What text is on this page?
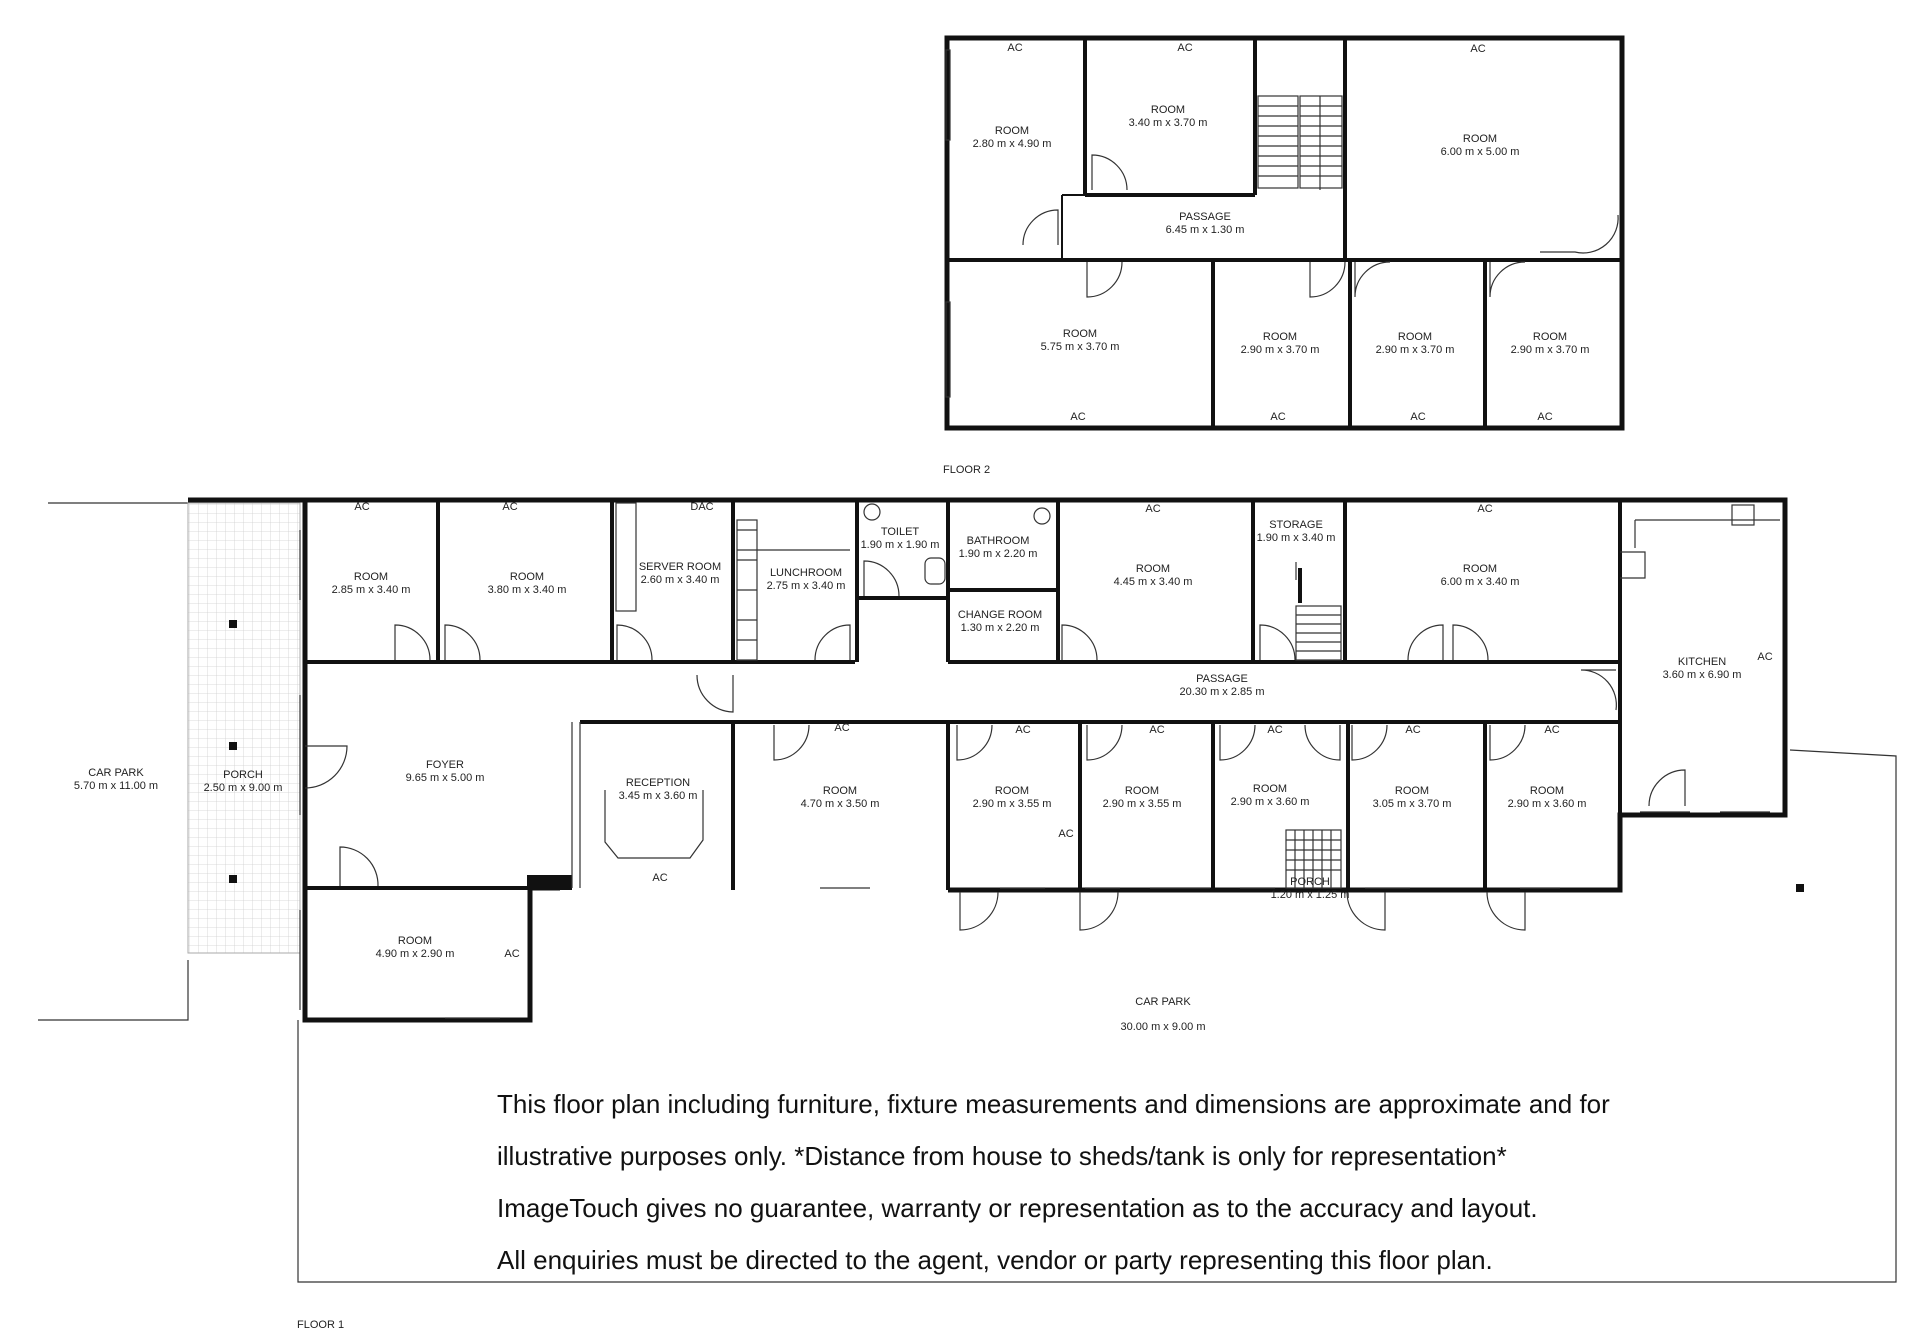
AC	AC	AC
AC	AC	AC	AC
AC	AC	DAC	AC	AC
AC
AC	AC	AC	AC	AC	AC
AC
AC
AC
ROOM
2.80 m x 4.90 m
ROOM
3.40 m x 3.70 m
ROOM
6.00 m x 5.00 m
PASSAGE
6.45 m x 1.30 m
ROOM
5.75 m x 3.70 m
ROOM
2.90 m x 3.70 m
ROOM
2.90 m x 3.70 m
ROOM
2.90 m x 3.70 m
CAR PARK
5.70 m x 11.00 m
PORCH
2.50 m x 9.00 m
ROOM
2.85 m x 3.40 m
ROOM
3.80 m x 3.40 m
SERVER ROOM
2.60 m x 3.40 m
LUNCHROOM
2.75 m x 3.40 m
TOILET
1.90 m x 1.90 m BATHROOM
1.90 m x 2.20 m
CHANGE ROOM
1.30 m x 2.20 m
ROOM
4.45 m x 3.40 m
STORAGE
1.90 m x 3.40 m
ROOM
6.00 m x 3.40 m
KITCHEN
3.60 m x 6.90 m
PASSAGE
20.30 m x 2.85 m
FOYER
9.65 m x 5.00 m	RECEPTION
3.45 m x 3.60 m	ROOM
4.70 m x 3.50 m
ROOM
2.90 m x 3.55 m
ROOM
2.90 m x 3.55 m
ROOM
2.90 m x 3.60 m
ROOM
3.05 m x 3.70 m
ROOM
2.90 m x 3.60 m
PORCH
1.20 m x 1.25 m
ROOM
4.90 m x 2.90 m
CAR PARK
30.00 m x 9.00 m
FLOOR 2
FLOOR 1
This floor plan including furniture, fixture measurements and dimensions are approximate and for
illustrative purposes only. *Distance from house to sheds/tank is only for representation*
ImageTouch gives no guarantee, warranty or representation as to the accuracy and layout.
All enquiries must be directed to the agent, vendor or party representing this floor plan.
